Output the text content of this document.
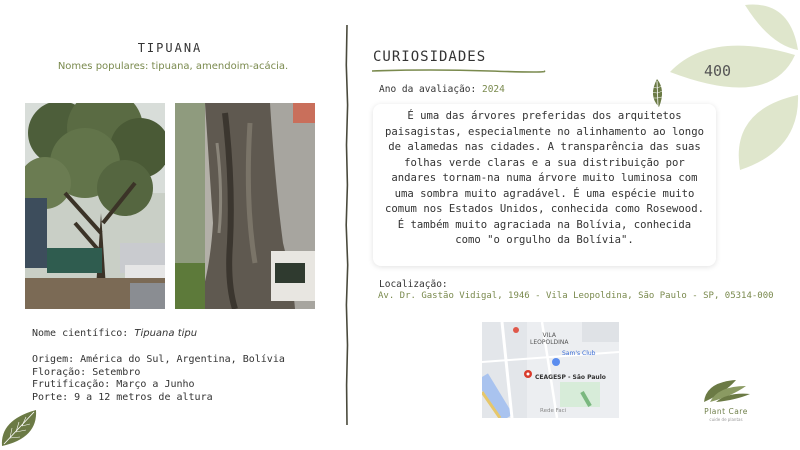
TIPUANA
Nomes populares: tipuana, amendoim-acácia.
Nome científico: Tipuana tipu
Origem: América do Sul, Argentina, Bolívia
Floração: Setembro
Frutificação: Março a Junho
Porte: 9 a 12 metros de altura
CURIOSIDADES
Ano da avaliação: 2024
É uma das árvores preferidas dos arquitetos paisagistas, especialmente no alinhamento ao longo de alamedas nas cidades. A transparência das suas folhas verde claras e a sua distribuição por andares tornam-na numa árvore muito luminosa com uma sombra muito agradável. É uma espécie muito comum nos Estados Unidos, conhecida como Rosewood. É também muito agraciada na Bolívia, conhecida como "o orgulho da Bolívia".
Localização:
Av. Dr. Gastão Vidigal, 1946 - Vila Leopoldina, São Paulo - SP, 05314-000
VILA
LEOPOLDINA
Sam's Club
CEAGESP - São Paulo
Rede Faci
400
Plant Care
cuide de plantas
